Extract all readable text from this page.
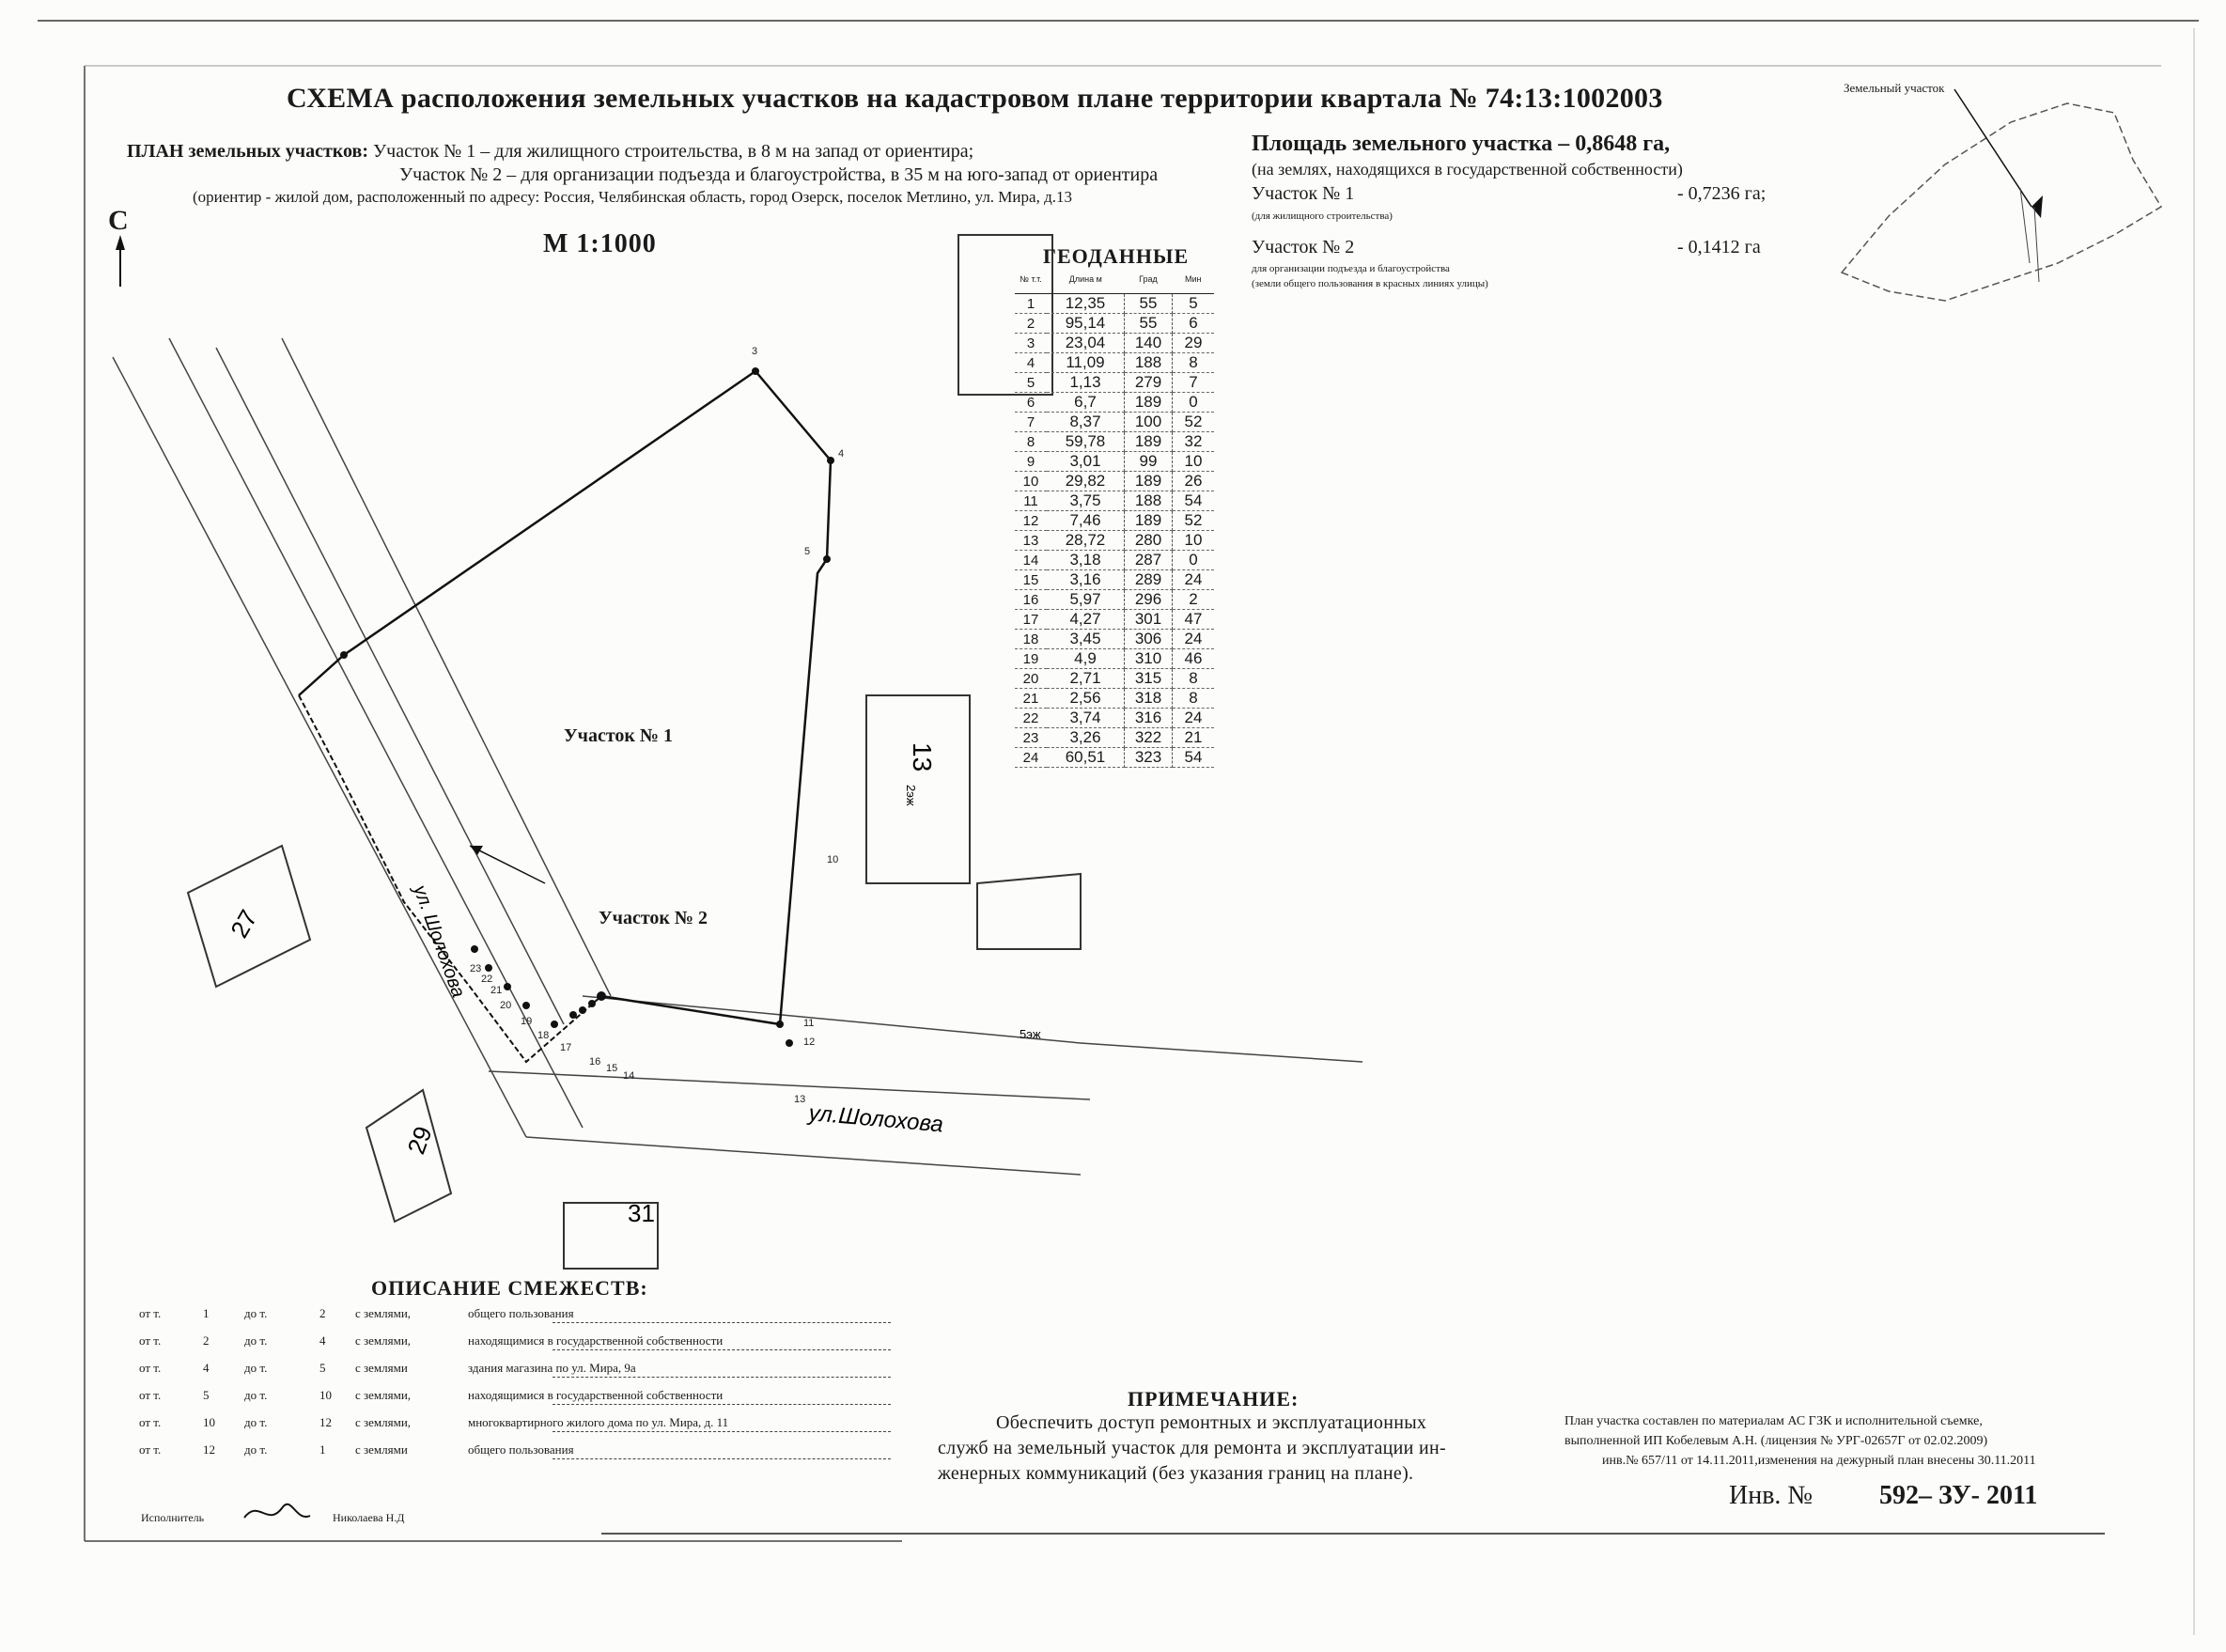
СХЕМА расположения земельных участков на кадастровом плане территории квартала № 74:13:1002003
ПЛАН земельных участков: Участок № 1 – для жилищного строительства, в 8 м на запад от ориентира;
Участок № 2 – для организации подъезда и благоустройства, в 35 м на юго-запад от ориентира
(ориентир - жилой дом, расположенный по адресу: Россия, Челябинская область, город Озерск, поселок Метлино, ул. Мира, д.13
Площадь земельного участка – 0,8648 га,
(на землях, находящихся в государственной собственности)
Участок № 1	- 0,7236 га;
(для жилищного строительства)
Участок № 2	- 0,1412 га
для организации подъезда и благоустройства
(земли общего пользования в красных линиях улицы)
Земельный участок
3
4
5
10
11
12
13
14
15
16
17
18
19
20
21
22
23
27
29
31
13
5эж
2эж
ул. Шолохова
ул.Шолохова
С
М 1:1000
Участок № 1
Участок № 2
ГЕОДАННЫЕ
№ т.т.	Длина м	Град	Мин
1	12,35	55	5
2	95,14	55	6
3	23,04	140	29
4	11,09	188	8
5	1,13	279	7
6	6,7	189	0
7	8,37	100	52
8	59,78	189	32
9	3,01	99	10
10	29,82	189	26
11	3,75	188	54
12	7,46	189	52
13	28,72	280	10
14	3,18	287	0
15	3,16	289	24
16	5,97	296	2
17	4,27	301	47
18	3,45	306	24
19	4,9	310	46
20	2,71	315	8
21	2,56	318	8
22	3,74	316	24
23	3,26	322	21
24	60,51	323	54
ОПИСАНИЕ СМЕЖЕСТВ:
от т.	1	до т.	2 с землями,	общего пользования
от т.	2	до т.	4 с землями,	находящимися в государственной собственности
от т.	4	до т.	5 с землями	здания магазина по ул. Мира, 9а
от т.	5	до т.	10 с землями,	находящимися в государственной собственности
от т.	10 до т.	12 с землями,	многоквартирного жилого дома по ул. Мира, д. 11
от т.	12 до т.	1 с землями	общего пользования
ПРИМЕЧАНИЕ:
Обеспечить доступ ремонтных и эксплуатационных
служб на земельный участок для ремонта и эксплуатации ин-
женерных коммуникаций (без указания границ на плане).
План участка составлен по материалам АС ГЗК и исполнительной съемке,
выполненной ИП Кобелевым А.Н. (лицензия № УРГ-02657Г от 02.02.2009)
инв.№ 657/11 от 14.11.2011,изменения на дежурный план внесены 30.11.2011
Инв. №	592– ЗУ- 2011
Исполнитель	Николаева Н.Д
